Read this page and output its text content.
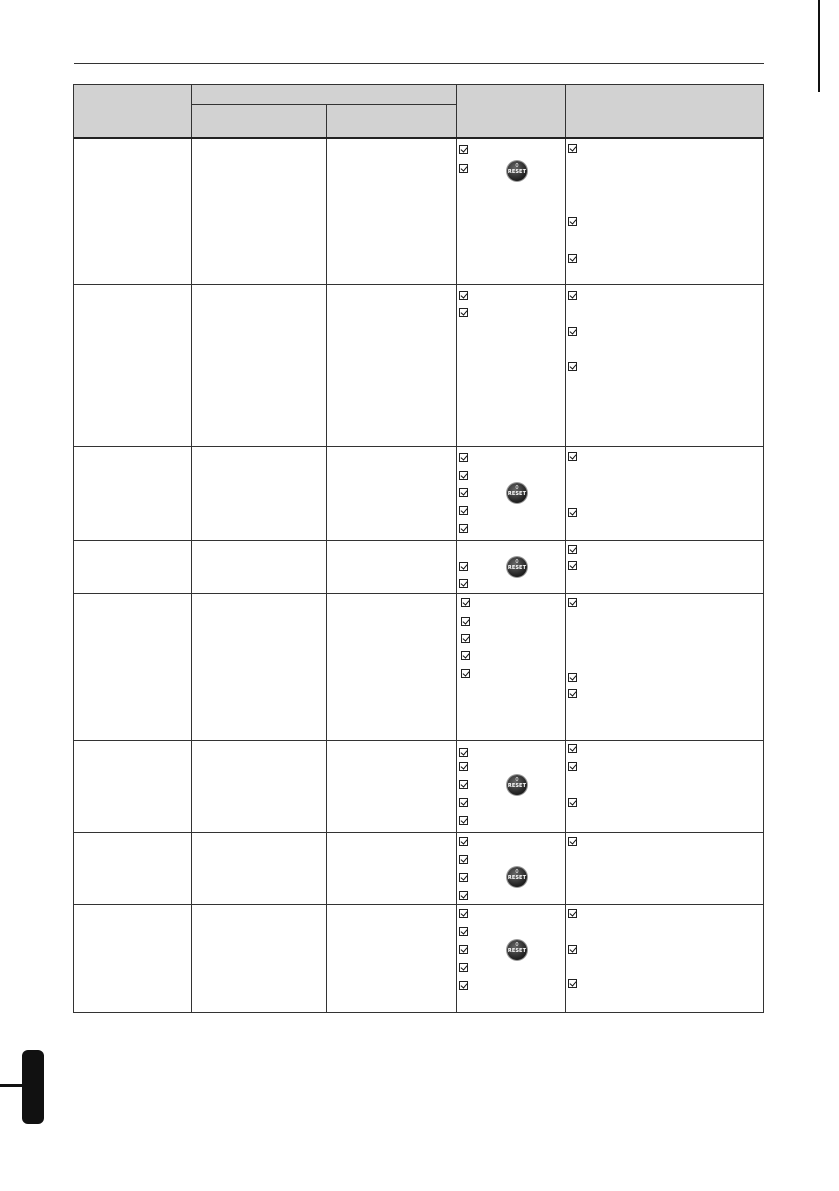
0
RESET
0
RESET
0
RESET
0
RESET
0
RESET
0
RESET
